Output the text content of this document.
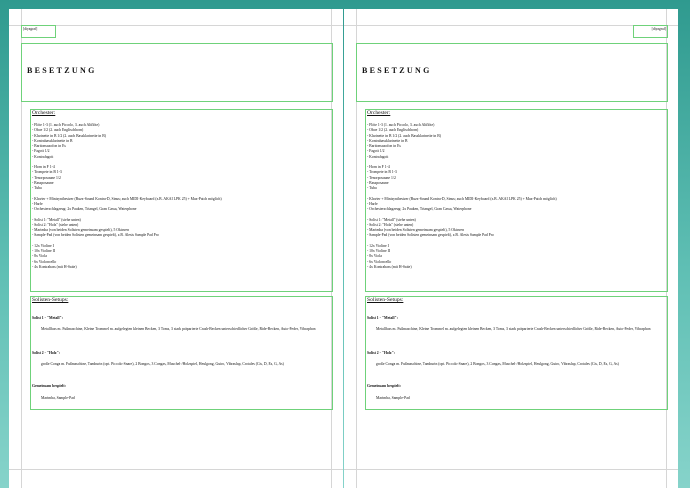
[diyagraf]
BESETZUNG
Orchester:
- Flöte 1-3 (1. auch Piccolo, 3. auch Altflöte)
- Oboe 1/2 (2. auch Englischhorn)
- Klarinette in B 1/2 (2. auch Bassklarinette in B)
- Kontrabassklarinette in B
- Baritonsaxofon in Es
- Fagott 1/2
- Kontrafagott

- Horn in F 1-4
- Trompete in B 1-3
- Tenorposaune 1/2
- Bassposaune
- Tuba

- Klavier + Minisynthesizer (Buzz-Sound Kontra-D, Sinus; auch MIDI-Keyboard (z.B. AKAI LPK 25) + Max-Patch möglich)
- Harfe
- Orchesterschlagzeug: 2x Pauken, Triangel, Gran Cassa, Waterphone

- Solist 1: "Metall" (siehe unten)
- Solist 2: "Holz" (siehe unten)
- Marimba (von beiden Solisten gemeinsam gespielt), 5 Oktaven
- Sample-Pad (von beiden Solisten gemeinsam gespielt), z.B. Alesis Sample Pad Pro

- 12x Violine I
- 10x Violine II
- 8x Viola
- 6x Violoncello
- 4x Kontrabass (mit H-Saite)
Solisten-Setups:
Solist 1 - "Metall":
Metallfass m. Fußmaschine, Kleine Trommel m. aufgelegten kleinen Becken, 3 Toms, 3 stark präparierte Crash-Becken unterschiedlicher Größe, Ride-Becken, Auto-Feder, Vibraphon
Solist 2 - "Holz":
große Conga m. Fußmaschine, Tamburin (opt. Piccolo-Snare), 2 Bongos, 3 Congas, Muschel-/Holzspiel, Heulgong, Guiro, Vibraslap, Crotales (Cis, D, Es, G, As)
Gemeinsam bespielt:
Marimba, Sample-Pad
[diyagraf]
BESETZUNG
Orchester:
- Flöte 1-3 (1. auch Piccolo, 3. auch Altflöte)
- Oboe 1/2 (2. auch Englischhorn)
- Klarinette in B 1/2 (2. auch Bassklarinette in B)
- Kontrabassklarinette in B
- Baritonsaxofon in Es
- Fagott 1/2
- Kontrafagott

- Horn in F 1-4
- Trompete in B 1-3
- Tenorposaune 1/2
- Bassposaune
- Tuba

- Klavier + Minisynthesizer (Buzz-Sound Kontra-D, Sinus; auch MIDI-Keyboard (z.B. AKAI LPK 25) + Max-Patch möglich)
- Harfe
- Orchesterschlagzeug: 2x Pauken, Triangel, Gran Cassa, Waterphone

- Solist 1: "Metall" (siehe unten)
- Solist 2: "Holz" (siehe unten)
- Marimba (von beiden Solisten gemeinsam gespielt), 5 Oktaven
- Sample-Pad (von beiden Solisten gemeinsam gespielt), z.B. Alesis Sample Pad Pro

- 12x Violine I
- 10x Violine II
- 8x Viola
- 6x Violoncello
- 4x Kontrabass (mit H-Saite)
Solisten-Setups:
Solist 1 - "Metall":
Metallfass m. Fußmaschine, Kleine Trommel m. aufgelegten kleinen Becken, 3 Toms, 3 stark präparierte Crash-Becken unterschiedlicher Größe, Ride-Becken, Auto-Feder, Vibraphon
Solist 2 - "Holz":
große Conga m. Fußmaschine, Tamburin (opt. Piccolo-Snare), 2 Bongos, 3 Congas, Muschel-/Holzspiel, Heulgong, Guiro, Vibraslap, Crotales (Cis, D, Es, G, As)
Gemeinsam bespielt:
Marimba, Sample-Pad
